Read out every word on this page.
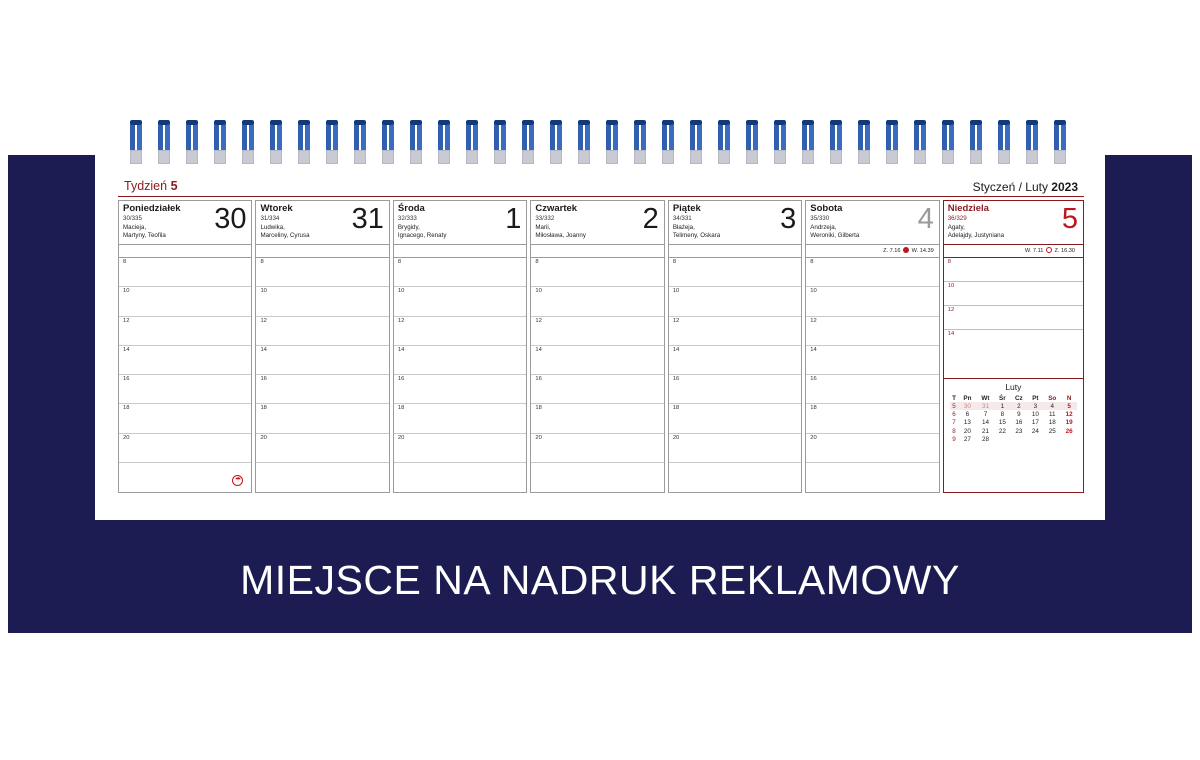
Tydzień 5	Styczeń / Luty 2023
Poniedziałek
30/335
Macieja,
Martyny, Teofila 30
8
10
12
14
16
18
20
☂
Wtorek
31/334
Ludwika,
Marceliny, Cyrusa 31
8
10
12
14
16
18
20
Środa
32/333
Brygidy,
Ignacego, Renaty 1
8
10
12
14
16
18
20
Czwartek
33/332
Marii,
Miłosława, Joanny 2
8
10
12
14
16
18
20
Piątek
34/331
Błażeja,
Telimeny, Oskara 3
8
10
12
14
16
18
20
Sobota
35/330
Andrzeja,
Weroniki, Gilberta 4
Z. 7.16  W. 14.39
8
10
12
14
16
18
20
Niedziela
36/329
Agaty,
Adelajdy, Justyniana 5
W. 7.11  Z. 16.30
8
10
12
14
Luty
T	Pn	Wt	Śr	Cz	Pt	So	N
5	30	31	1	2	3	4	5
6	6	7	8	9	10	11	12
7	13	14	15	16	17	18	19
8	20	21	22	23	24	25	26
9	27	28					
MIEJSCE NA NADRUK REKLAMOWY
